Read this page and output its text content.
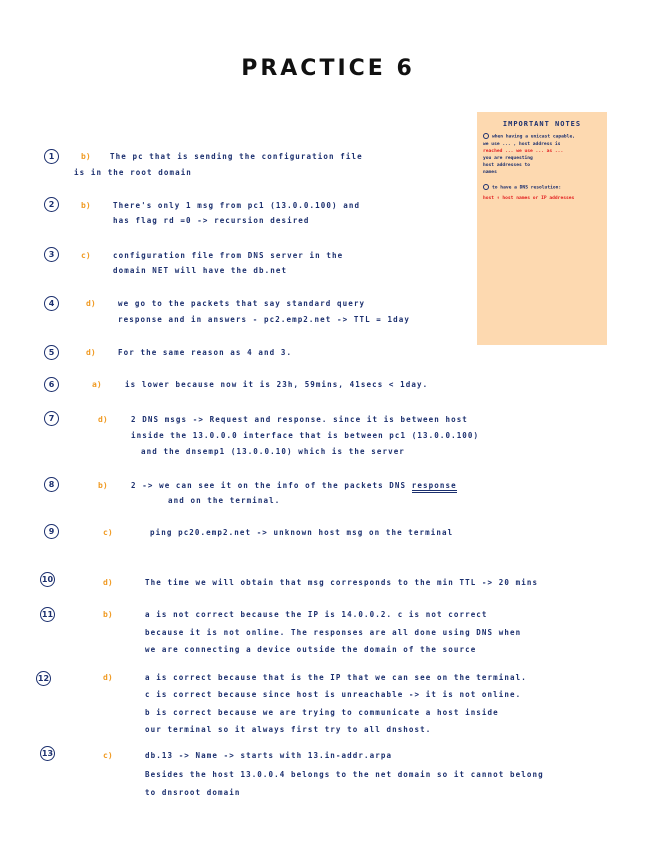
PRACTICE 6
IMPORTANT NOTES
when having a unicast capable,
we use ... , host address is
reached ... we use ... as ...
you are requesting
host addresses to
names
to have a DNS resolution:
host ↑ host names or IP addresses
1	b)	The pc that is sending the configuration file
is in the root domain
2	b)	There's only 1 msg from pc1 (13.0.0.100) and
has flag rd =0 -> recursion desired
3	c)	configuration file from DNS server in the
domain NET will have the db.net
4	d)	we go to the packets that say standard query
response and in answers - pc2.emp2.net -> TTL = 1day
5	d)	For the same reason as 4 and 3.
6	a)	is lower because now it is 23h, 59mins, 41secs < 1day.
7	d)	2 DNS msgs -> Request and response. since it is between host
inside the 13.0.0.0 interface that is between pc1 (13.0.0.100)
and the dnsemp1 (13.0.0.10) which is the server
8	b)	2 -> we can see it on the info of the packets DNS response
and on the terminal.
9	c)	ping pc20.emp2.net -> unknown host msg on the terminal
10	d)	The time we will obtain that msg corresponds to the min TTL -> 20 mins
11	b)	a is not correct because the IP is 14.0.0.2. c is not correct
because it is not online. The responses are all done using DNS when
we are connecting a device outside the domain of the source
12	d)	a is correct because that is the IP that we can see on the terminal.
c is correct because since host is unreachable -> it is not online.
b is correct because we are trying to communicate a host inside
our terminal so it always first try to all dnshost.
13	c)	db.13 -> Name -> starts with 13.in-addr.arpa
Besides the host 13.0.0.4 belongs to the net domain so it cannot belong
to dnsroot domain
